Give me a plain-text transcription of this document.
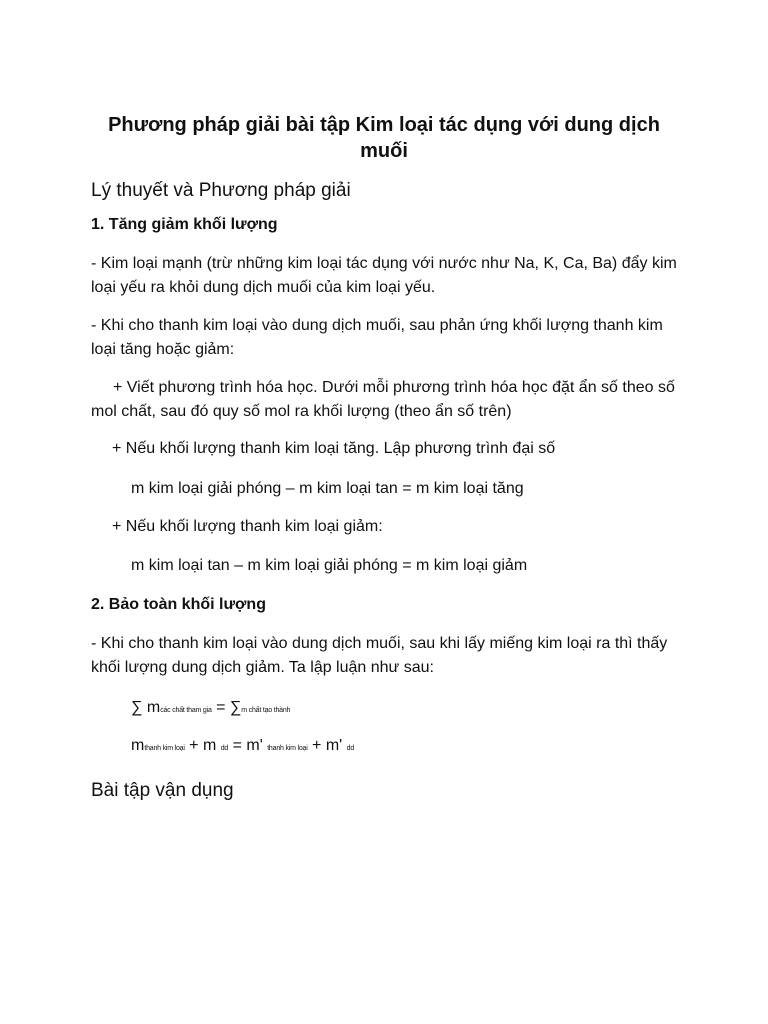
Phương pháp giải bài tập Kim loại tác dụng với dung dịch muối
Lý thuyết và Phương pháp giải
1. Tăng giảm khối lượng
- Kim loại mạnh (trừ những kim loại tác dụng với nước như Na, K, Ca, Ba) đẩy kim loại yếu ra khỏi dung dịch muối của kim loại yếu.
- Khi cho thanh kim loại vào dung dịch muối, sau phản ứng khối lượng thanh kim loại tăng hoặc giảm:
+ Viết phương trình hóa học. Dưới mỗi phương trình hóa học đặt ẩn số theo số mol chất, sau đó quy số mol ra khối lượng (theo ẩn số trên)
+ Nếu khối lượng thanh kim loại tăng. Lập phương trình đại số
m kim loại giải phóng – m kim loại tan = m kim loại tăng
+ Nếu khối lượng thanh kim loại giảm:
m kim loại tan – m kim loại giải phóng = m kim loại giảm
2. Bảo toàn khối lượng
- Khi cho thanh kim loại vào dung dịch muối, sau khi lấy miếng kim loại ra thì thấy khối lượng dung dịch giảm. Ta lập luận như sau:
∑ mcác chất tham gia = ∑m chất tạo thành
mthanh kim loại + m dd = m' thanh kim loại + m' dd
Bài tập vận dụng
